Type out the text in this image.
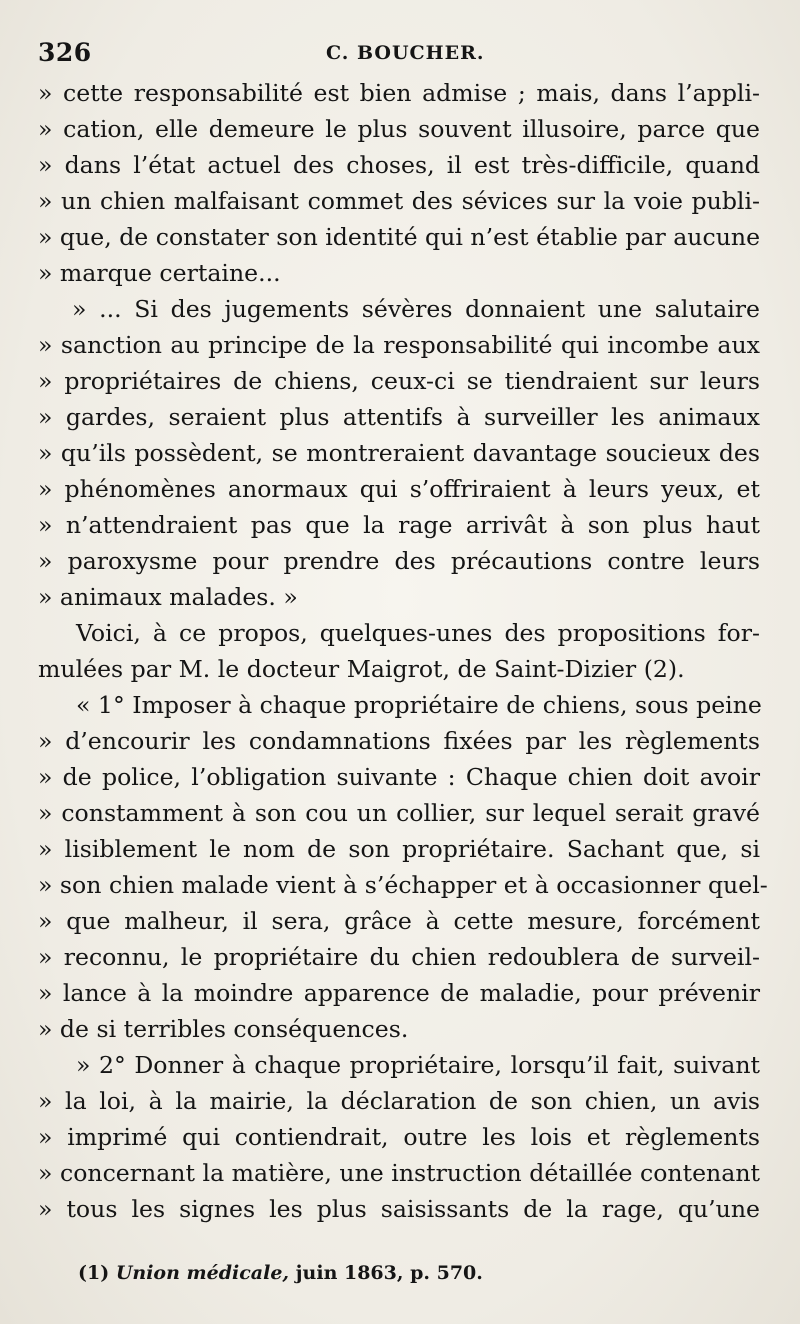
326	C. BOUCHER.
» cette responsabilité est bien admise ; mais, dans l’appli-
» cation, elle demeure le plus souvent illusoire, parce que
» dans l’état actuel des choses, il est très-difficile, quand
» un chien malfaisant commet des sévices sur la voie publi-
» que, de constater son identité qui n’est établie par aucune
» marque certaine...
» ... Si des jugements sévères donnaient une salutaire
» sanction au principe de la responsabilité qui incombe aux
» propriétaires de chiens, ceux-ci se tiendraient sur leurs
» gardes, seraient plus attentifs à surveiller les animaux
» qu’ils possèdent, se montreraient davantage soucieux des
» phénomènes anormaux qui s’offriraient à leurs yeux, et
» n’attendraient pas que la rage arrivât à son plus haut
» paroxysme pour prendre des précautions contre leurs
» animaux malades. »
Voici, à ce propos, quelques-unes des propositions for-
mulées par M. le docteur Maigrot, de Saint-Dizier (2).
« 1° Imposer à chaque propriétaire de chiens, sous peine
» d’encourir les condamnations fixées par les règlements
» de police, l’obligation suivante : Chaque chien doit avoir
» constamment à son cou un collier, sur lequel serait gravé
» lisiblement le nom de son propriétaire. Sachant que, si
» son chien malade vient à s’échapper et à occasionner quel-
» que malheur, il sera, grâce à cette mesure, forcément
» reconnu, le propriétaire du chien redoublera de surveil-
» lance à la moindre apparence de maladie, pour prévenir
» de si terribles conséquences.
» 2° Donner à chaque propriétaire, lorsqu’il fait, suivant
» la loi, à la mairie, la déclaration de son chien, un avis
» imprimé qui contiendrait, outre les lois et règlements
» concernant la matière, une instruction détaillée contenant
» tous les signes les plus saisissants de la rage, qu’une
(1) Union médicale, juin 1863, p. 570.
